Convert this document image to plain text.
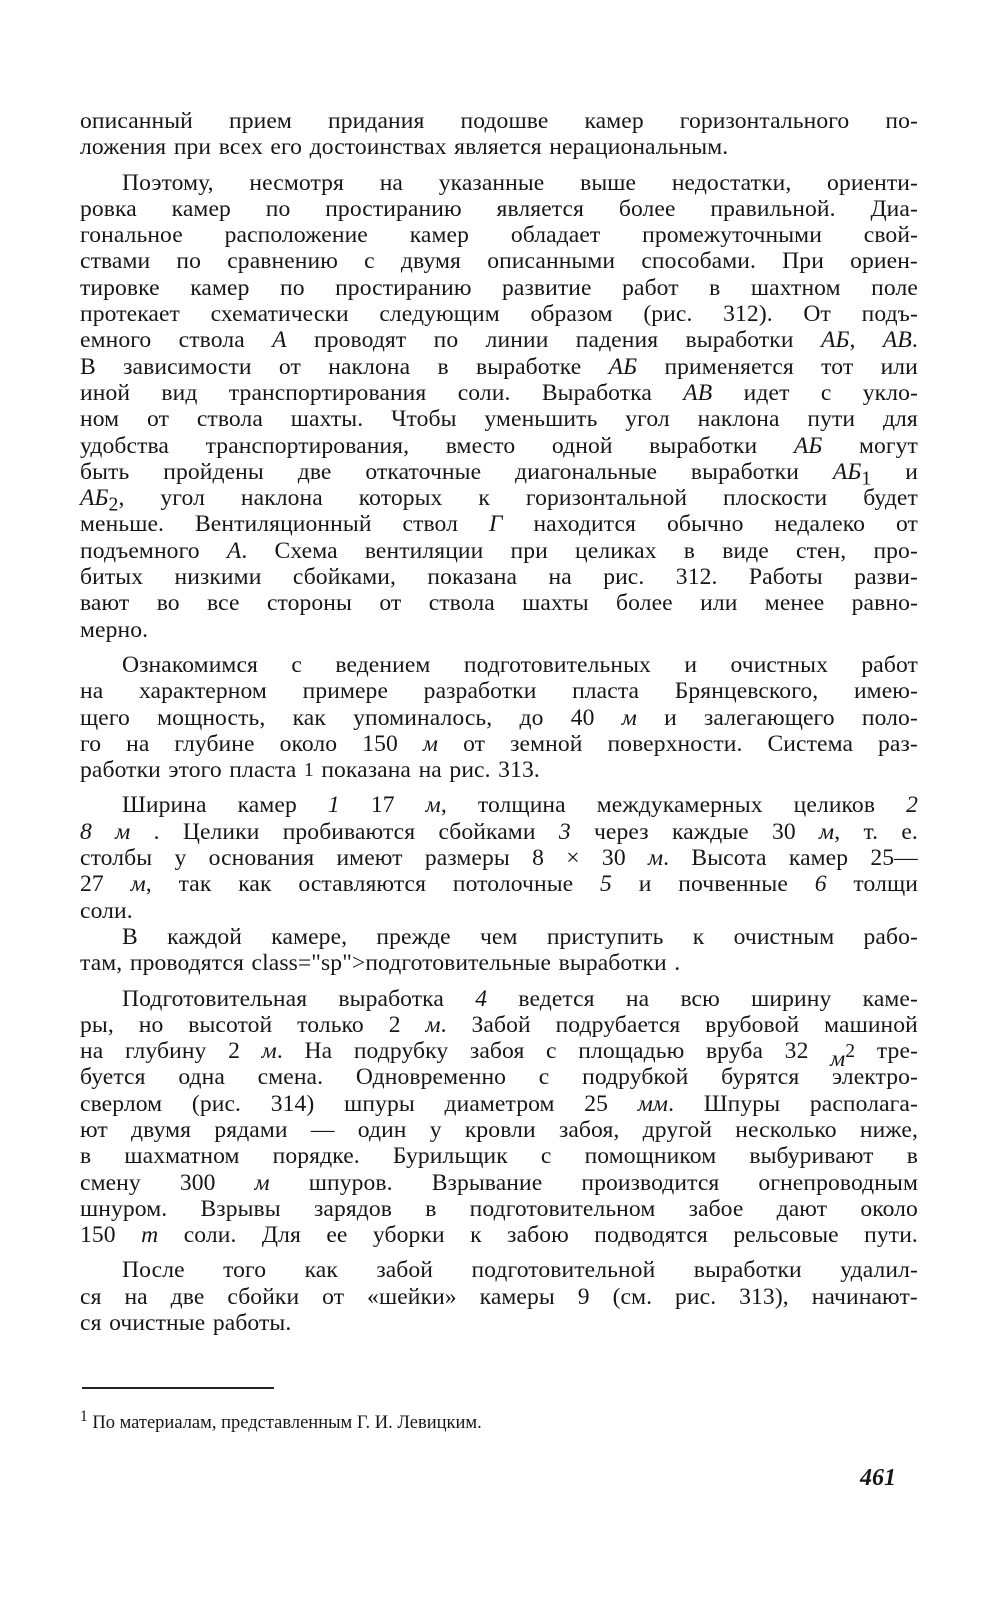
описанный прием придания подошве камер горизонтального по-
ложения при всех его достоинствах является нерациональным.
Поэтому, несмотря на указанные выше недостатки, ориенти-
ровка камер по простиранию является более правильной. Диа-
гональное расположение камер обладает промежуточными свой-
ствами по сравнению с двумя описанными способами. При ориен-
тировке камер по простиранию развитие работ в шахтном поле
протекает схематически следующим образом (рис. 312). От подъ-
емного ствола А проводят по линии падения выработки АБ, АВ.
В зависимости от наклона в выработке АБ применяется тот или
иной вид транспортирования соли. Выработка АВ идет с укло-
ном от ствола шахты. Чтобы уменьшить угол наклона пути для
удобства транспортирования, вместо одной выработки АБ могут
быть пройдены две откаточные диагональные выработки $АБ_1$ и
$АБ_2$, угол наклона которых к горизонтальной плоскости будет
меньше. Вентиляционный ствол Г находится обычно недалеко от
подъемного А. Схема вентиляции при целиках в виде стен, про-
битых низкими сбойками, показана на рис. 312. Работы разви-
вают во все стороны от ствола шахты более или менее равно-
мерно.
Ознакомимся с ведением подготовительных и очистных работ
на характерном примере разработки пласта Брянцевского, имею-
щего мощность, как упоминалось, до 40 м и залегающего поло-
го на глубине около 150 м от земной поверхности. Система раз-
работки этого пласта $^1$ показана на рис. 313.
Ширина камер 1 17 м, толщина междукамерных целиков 2
8 м . Целики пробиваются сбойками 3 через каждые 30 м, т. е.
столбы у основания имеют размеры 8 × 30 м. Высота камер 25—
27 м, так как оставляются потолочные 5 и почвенные 6 толщи
соли.
В каждой камере, прежде чем приступить к очистным рабо-
там, проводятся class="sp">подготовительные выработки .
Подготовительная выработка 4 ведется на всю ширину каме-
ры, но высотой только 2 м. Забой подрубается врубовой машиной
на глубину 2 м. На подрубку забоя с площадью вруба 32 $м^2$ тре-
буется одна смена. Одновременно с подрубкой бурятся электро-
сверлом (рис. 314) шпуры диаметром 25 мм. Шпуры располага-
ют двумя рядами — один у кровли забоя, другой несколько ниже,
в шахматном порядке. Бурильщик с помощником выбуривают в
смену 300 м шпуров. Взрывание производится огнепроводным
шнуром. Взрывы зарядов в подготовительном забое дают около
150 т соли. Для ее уборки к забою подводятся рельсовые пути.
После того как забой подготовительной выработки удалил-
ся на две сбойки от «шейки» камеры 9 (см. рис. 313), начинают-
ся очистные работы.
$^1$ По материалам, представленным Г. И. Левицким.
461
